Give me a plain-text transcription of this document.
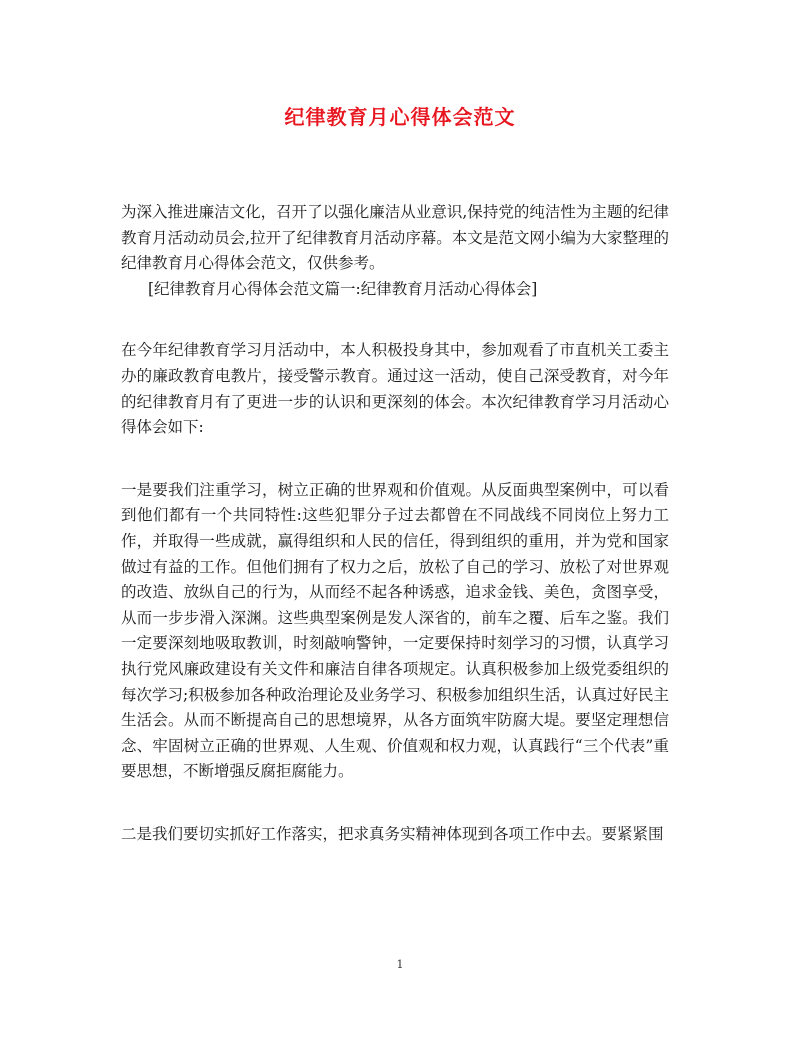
纪律教育月心得体会范文

为深入推进廉洁文化，召开了以强化廉洁从业意识,保持党的纯洁性为主题的纪律教育月活动动员会,拉开了纪律教育月活动序幕。本文是范文网小编为大家整理的纪律教育月心得体会范文，仅供参考。

[纪律教育月心得体会范文篇一:纪律教育月活动心得体会]

在今年纪律教育学习月活动中，本人积极投身其中，参加观看了市直机关工委主办的廉政教育电教片，接受警示教育。通过这一活动，使自己深受教育，对今年的纪律教育月有了更进一步的认识和更深刻的体会。本次纪律教育学习月活动心得体会如下:

一是要我们注重学习，树立正确的世界观和价值观。从反面典型案例中，可以看到他们都有一个共同特性:这些犯罪分子过去都曾在不同战线不同岗位上努力工作，并取得一些成就，赢得组织和人民的信任，得到组织的重用，并为党和国家做过有益的工作。但他们拥有了权力之后，放松了自己的学习、放松了对世界观的改造、放纵自己的行为，从而经不起各种诱惑，追求金钱、美色，贪图享受，从而一步步滑入深渊。这些典型案例是发人深省的，前车之覆、后车之鉴。我们一定要深刻地吸取教训，时刻敲响警钟，一定要保持时刻学习的习惯，认真学习执行党风廉政建设有关文件和廉洁自律各项规定。认真积极参加上级党委组织的每次学习;积极参加各种政治理论及业务学习、积极参加组织生活，认真过好民主生活会。从而不断提高自己的思想境界，从各方面筑牢防腐大堤。要坚定理想信念、牢固树立正确的世界观、人生观、价值观和权力观，认真践行“三个代表”重要思想，不断增强反腐拒腐能力。

二是我们要切实抓好工作落实，把求真务实精神体现到各项工作中去。要紧紧围

1
